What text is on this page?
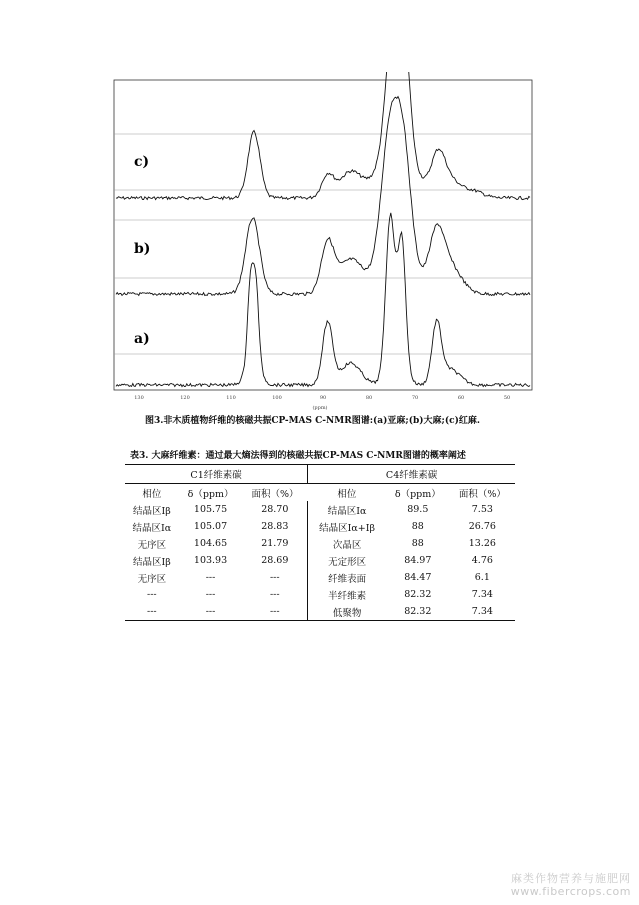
c)
b)
a)
130	120	110	100	90	80	70	60	50
(ppm)
图3.非木质植物纤维的核磁共振CP-MAS C-NMR图谱:(a)亚麻;(b)大麻;(c)红麻.
表3. 大麻纤维素：通过最大熵法得到的核磁共振CP-MAS C-NMR图谱的概率阐述
C1纤维素碳			C4纤维素碳		
相位	δ（ppm）	面积（%）	相位	δ（ppm）	面积（%）
结晶区Iβ	105.75	28.70	结晶区Iα	89.5	7.53
结晶区Iα	105.07	28.83	结晶区Iα+Iβ	88	26.76
无序区	104.65	21.79	次晶区	88	13.26
结晶区Iβ	103.93	28.69	无定形区	84.97	4.76
无序区	---	---	纤维表面	84.47	6.1
---	---	---	半纤维素	82.32	7.34
---	---	---	低聚物	82.32	7.34
麻类作物营养与施肥网
www.fibercrops.com
